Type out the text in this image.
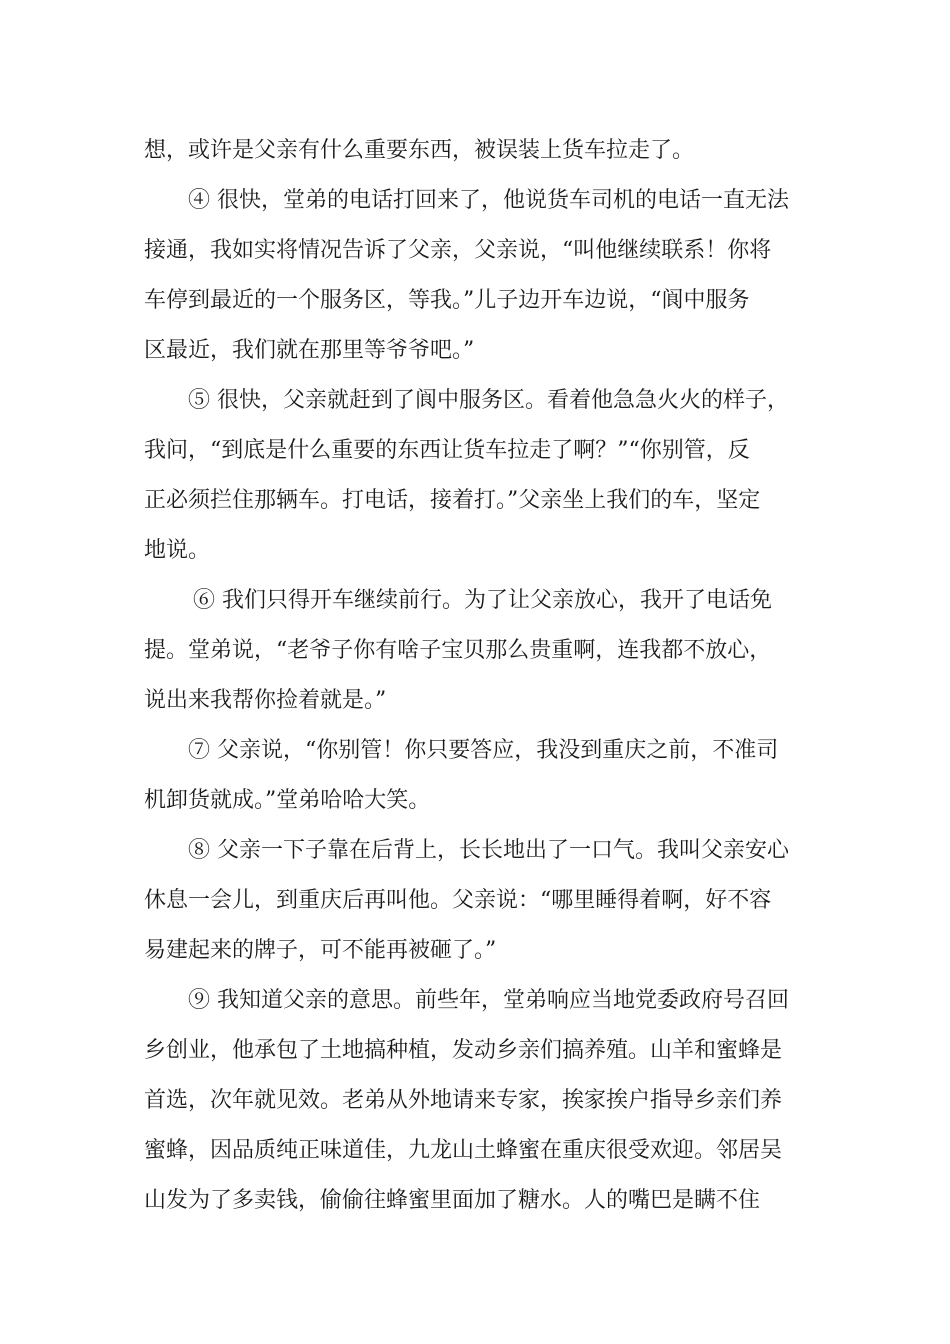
想，或许是父亲有什么重要东西，被误装上货车拉走了。
④ 很快，堂弟的电话打回来了，他说货车司机的电话一直无法
接通，我如实将情况告诉了父亲，父亲说，“叫他继续联系！你将
车停到最近的一个服务区，等我。”儿子边开车边说，“阆中服务
区最近，我们就在那里等爷爷吧。”
⑤ 很快，父亲就赶到了阆中服务区。看着他急急火火的样子，
我问，“到底是什么重要的东西让货车拉走了啊？”“你别管，反
正必须拦住那辆车。打电话，接着打。”父亲坐上我们的车，坚定
地说。
⑥ 我们只得开车继续前行。为了让父亲放心，我开了电话免
提。堂弟说，“老爷子你有啥子宝贝那么贵重啊，连我都不放心，
说出来我帮你捡着就是。”
⑦ 父亲说，“你别管！你只要答应，我没到重庆之前，不准司
机卸货就成。”堂弟哈哈大笑。
⑧ 父亲一下子靠在后背上，长长地出了一口气。我叫父亲安心
休息一会儿，到重庆后再叫他。父亲说：“哪里睡得着啊，好不容
易建起来的牌子，可不能再被砸了。”
⑨ 我知道父亲的意思。前些年，堂弟响应当地党委政府号召回
乡创业，他承包了土地搞种植，发动乡亲们搞养殖。山羊和蜜蜂是
首选，次年就见效。老弟从外地请来专家，挨家挨户指导乡亲们养
蜜蜂，因品质纯正味道佳，九龙山土蜂蜜在重庆很受欢迎。邻居吴
山发为了多卖钱，偷偷往蜂蜜里面加了糖水。人的嘴巴是瞒不住
